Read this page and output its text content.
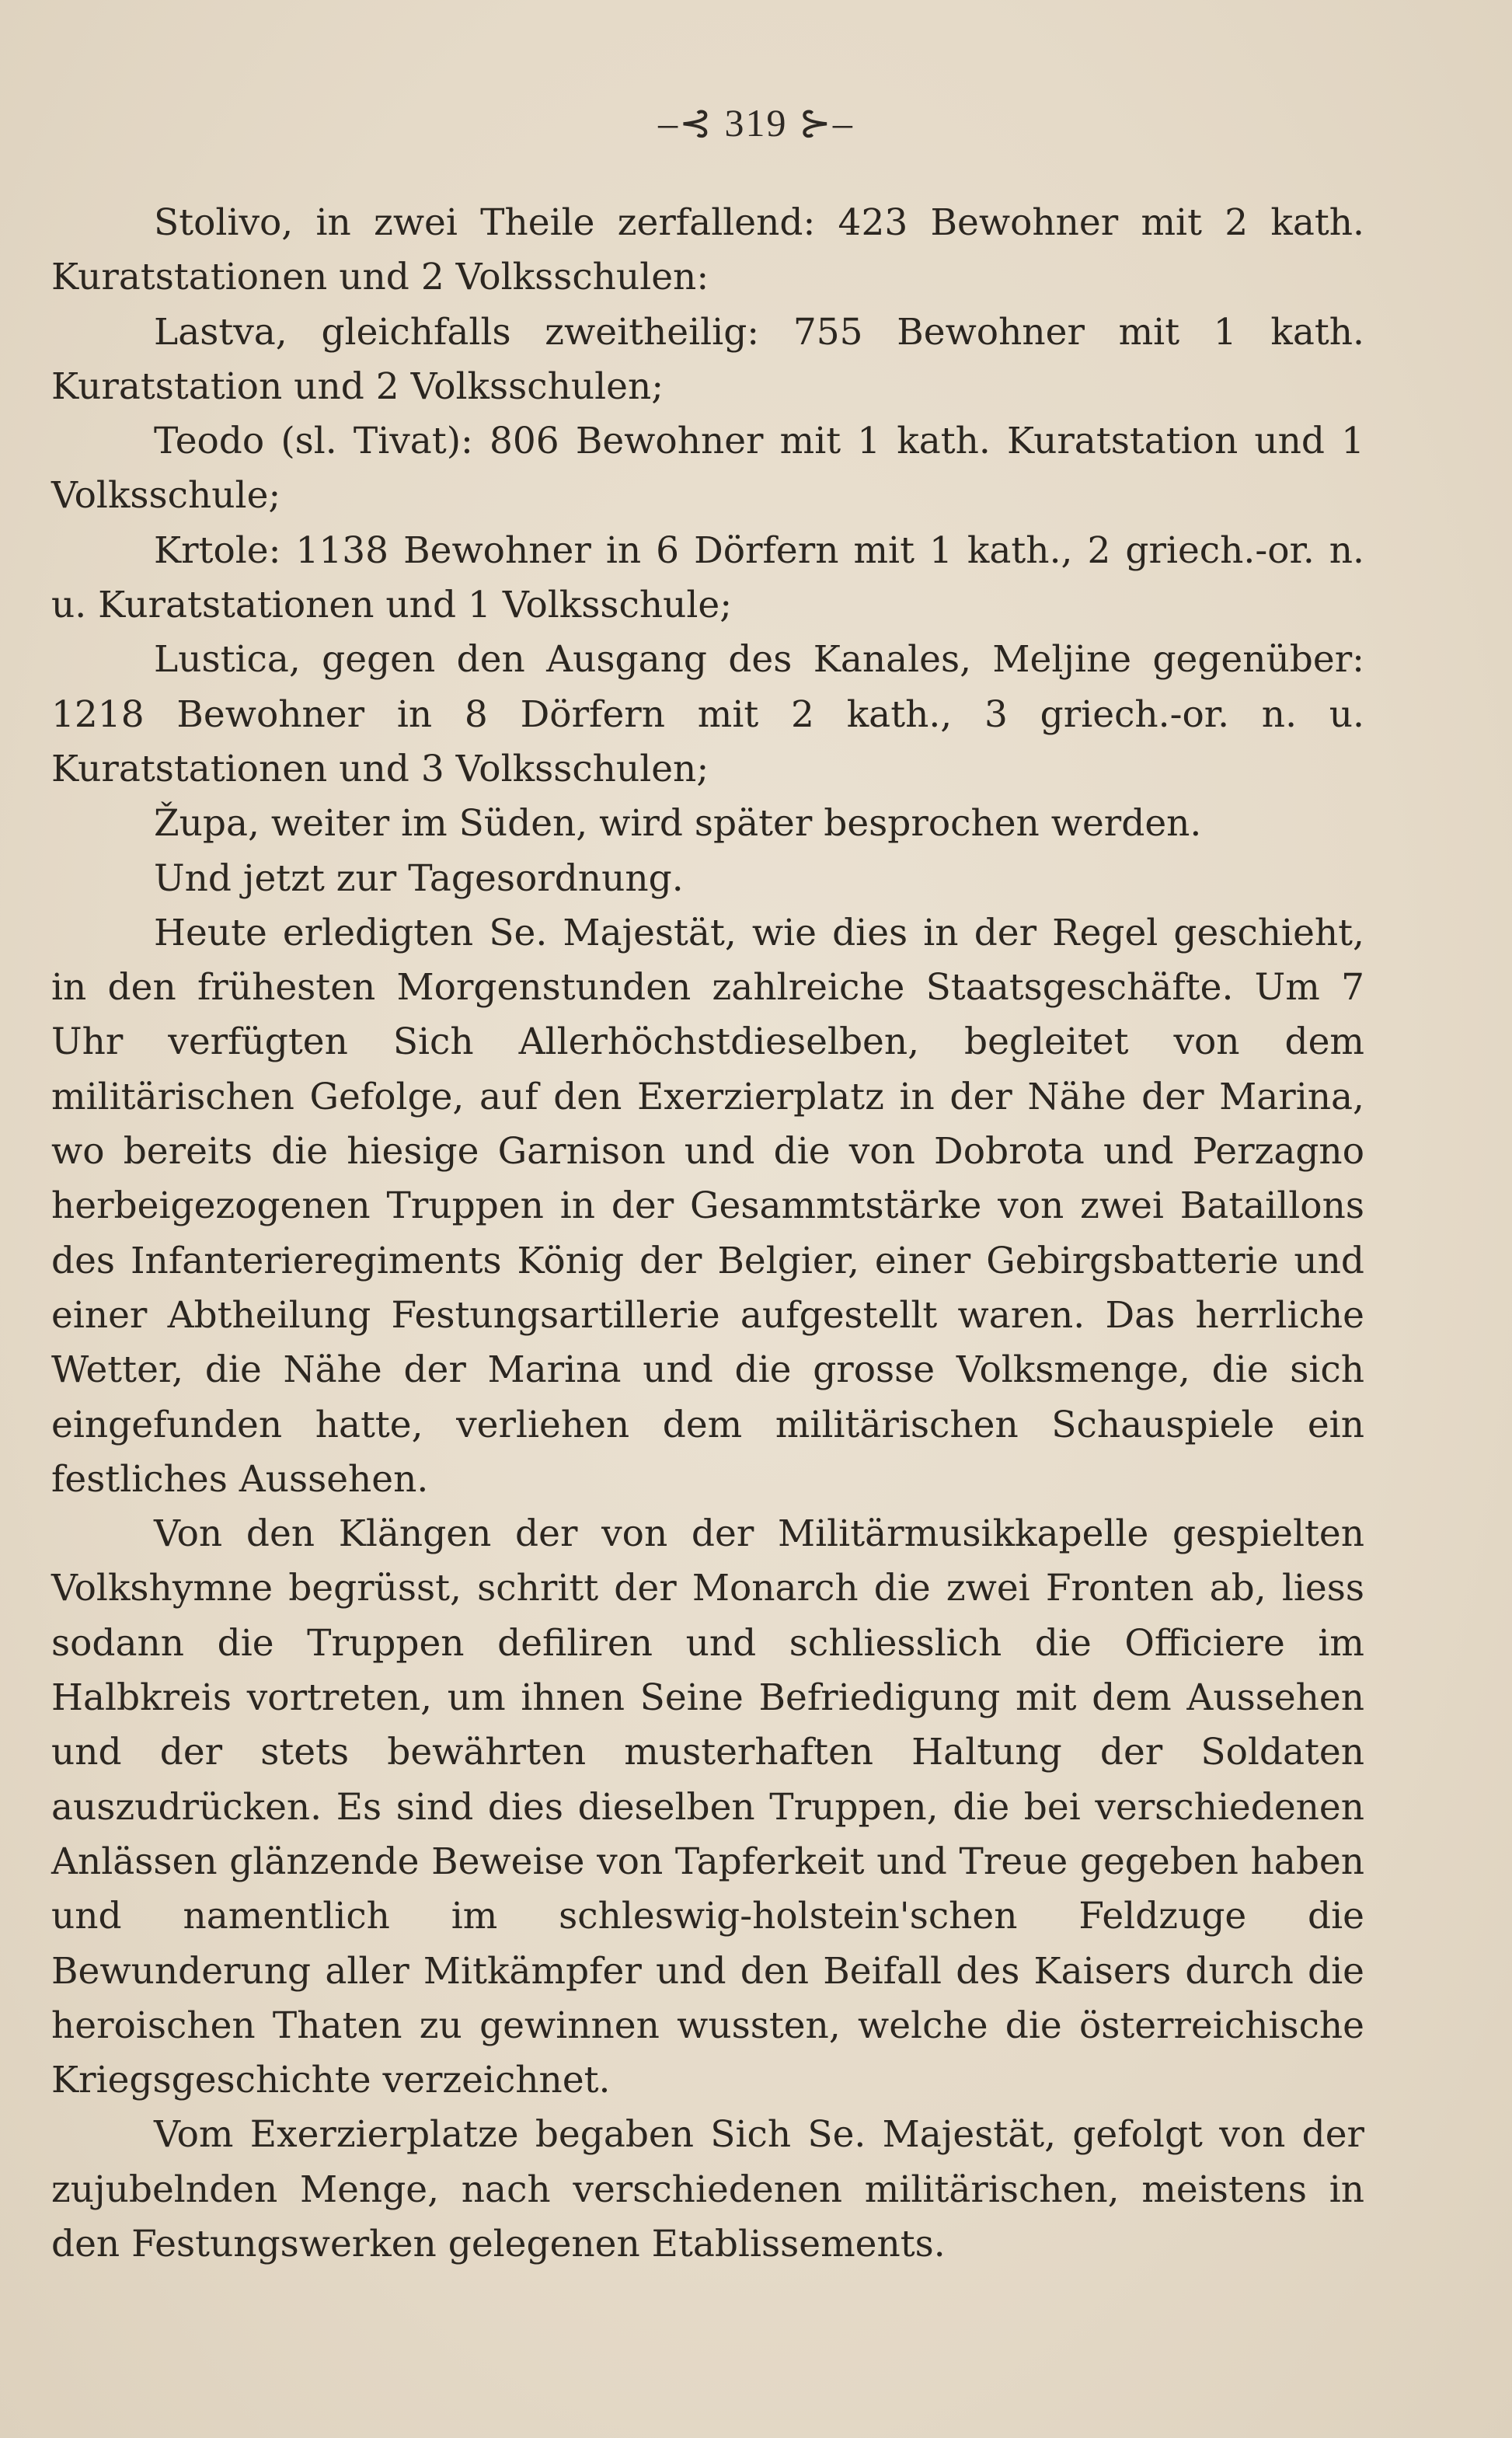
–⊰ 319 ⊱–

Stolivo, in zwei Theile zerfallend: 423 Bewohner mit 2 kath. Kuratstationen und 2 Volksschulen:

Lastva, gleichfalls zweitheilig: 755 Bewohner mit 1 kath. Kuratstation und 2 Volksschulen;

Teodo (sl. Tivat): 806 Bewohner mit 1 kath. Kuratstation und 1 Volksschule;

Krtole: 1138 Bewohner in 6 Dörfern mit 1 kath., 2 griech.-or. n. u. Kuratstationen und 1 Volksschule;

Lustica, gegen den Ausgang des Kanales, Meljine gegenüber: 1218 Bewohner in 8 Dörfern mit 2 kath., 3 griech.-or. n. u. Kuratstationen und 3 Volksschulen;

Župa, weiter im Süden, wird später besprochen werden.

Und jetzt zur Tagesordnung.

Heute erledigten Se. Majestät, wie dies in der Regel geschieht, in den frühesten Morgenstunden zahlreiche Staatsgeschäfte. Um 7 Uhr verfügten Sich Allerhöchstdieselben, begleitet von dem militärischen Gefolge, auf den Exerzierplatz in der Nähe der Marina, wo bereits die hiesige Garnison und die von Dobrota und Perzagno herbeigezogenen Truppen in der Gesammtstärke von zwei Bataillons des Infanterieregiments König der Belgier, einer Gebirgsbatterie und einer Abtheilung Festungsartillerie aufgestellt waren. Das herrliche Wetter, die Nähe der Marina und die grosse Volksmenge, die sich eingefunden hatte, verliehen dem militärischen Schauspiele ein festliches Aussehen.

Von den Klängen der von der Militärmusikkapelle gespielten Volkshymne begrüsst, schritt der Monarch die zwei Fronten ab, liess sodann die Truppen defiliren und schliesslich die Officiere im Halbkreis vortreten, um ihnen Seine Befriedigung mit dem Aussehen und der stets bewährten musterhaften Haltung der Soldaten auszudrücken. Es sind dies dieselben Truppen, die bei verschiedenen Anlässen glänzende Beweise von Tapferkeit und Treue gegeben haben und namentlich im schleswig-holstein'schen Feldzuge die Bewunderung aller Mitkämpfer und den Beifall des Kaisers durch die heroischen Thaten zu gewinnen wussten, welche die österreichische Kriegsgeschichte verzeichnet.

Vom Exerzierplatze begaben Sich Se. Majestät, gefolgt von der zujubelnden Menge, nach verschiedenen militärischen, meistens in den Festungswerken gelegenen Etablissements.
